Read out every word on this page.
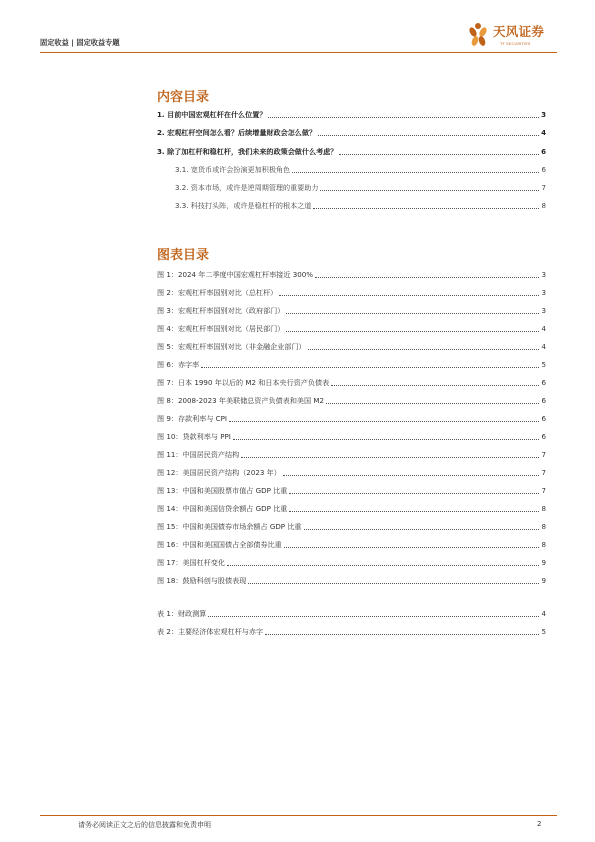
固定收益 | 固定收益专题
天风证券
TF SECURITIES
内容目录
1. 目前中国宏观杠杆在什么位置？	3
2. 宏观杠杆空间怎么看？后续增量财政会怎么做？	4
3. 除了加杠杆和稳杠杆，我们未来的政策会做什么考虑？	6
3.1. 宽货币或许会扮演更加积极角色	6
3.2. 资本市场，或许是逆周期管理的重要助力	7
3.3. 科技打头阵，或许是稳杠杆的根本之道	8
图表目录
图 1：2024 年二季度中国宏观杠杆率接近 300%	3
图 2：宏观杠杆率国别对比（总杠杆）	3
图 3：宏观杠杆率国别对比（政府部门）	3
图 4：宏观杠杆率国别对比（居民部门）	4
图 5：宏观杠杆率国别对比（非金融企业部门）	4
图 6：赤字率	5
图 7：日本 1990 年以后的 M2 和日本央行资产负债表	6
图 8：2008-2023 年美联储总资产负债表和美国 M2	6
图 9：存款利率与 CPI	6
图 10：贷款利率与 PPI	6
图 11：中国居民资产结构	7
图 12：美国居民资产结构（2023 年）	7
图 13：中国和美国股票市值占 GDP 比重	7
图 14：中国和美国信贷余额占 GDP 比重	8
图 15：中国和美国债券市场余额占 GDP 比重	8
图 16：中国和美国国债占全部债券比重	8
图 17：美国杠杆变化	9
图 18：鼓励科创与股债表现	9
表 1：财政测算	4
表 2：主要经济体宏观杠杆与赤字	5
请务必阅读正文之后的信息披露和免责申明	2
